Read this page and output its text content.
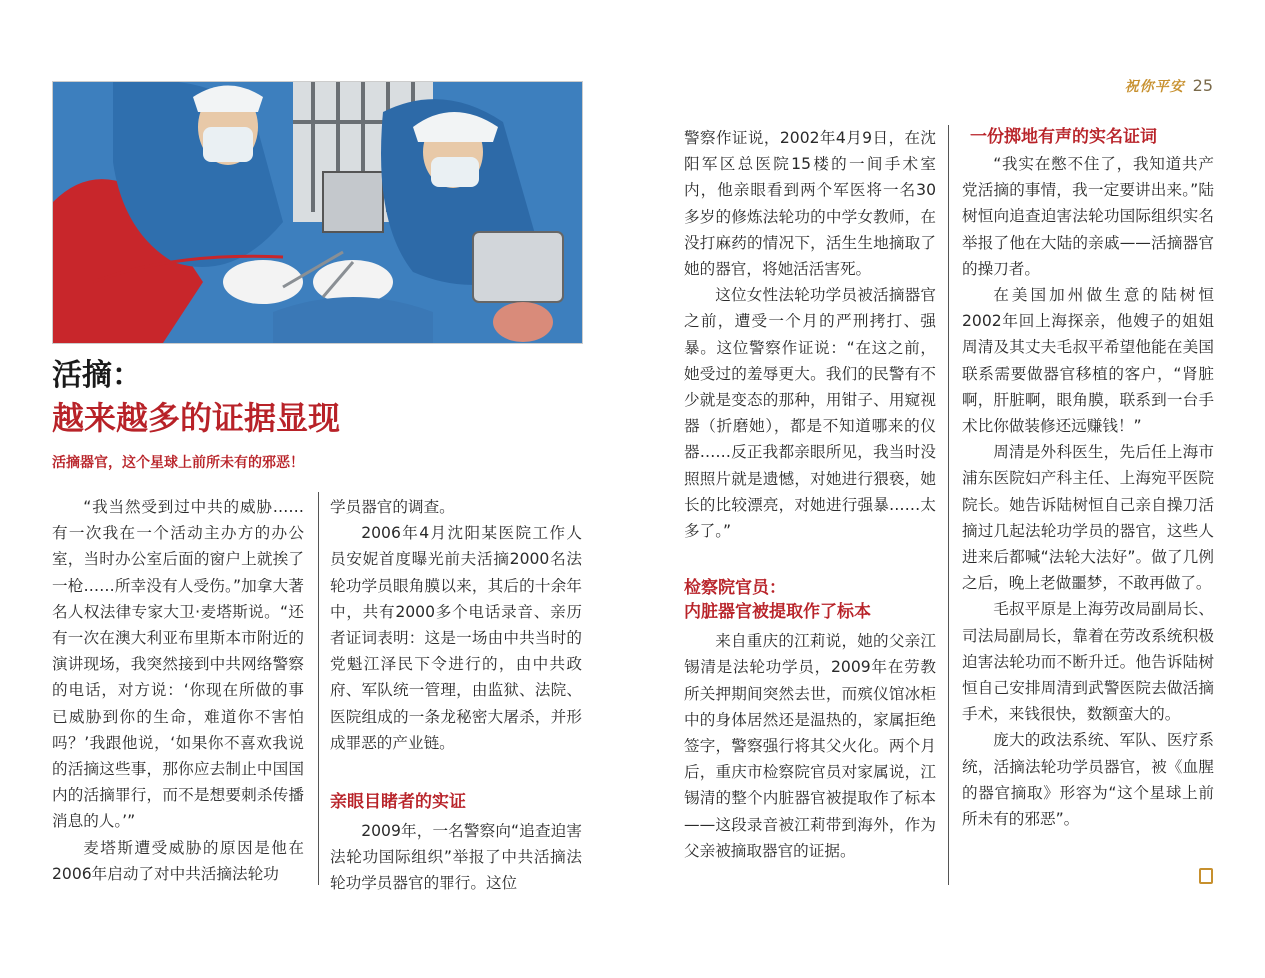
祝你平安 25
活摘：
越来越多的证据显现

活摘器官，这个星球上前所未有的邪恶！

“我当然受到过中共的威胁……有一次我在一个活动主办方的办公室，当时办公室后面的窗户上就挨了一枪……所幸没有人受伤。”加拿大著名人权法律专家大卫·麦塔斯说。“还有一次在澳大利亚布里斯本市附近的演讲现场，我突然接到中共网络警察的电话，对方说：‘你现在所做的事已威胁到你的生命，难道你不害怕吗？’我跟他说，‘如果你不喜欢我说的活摘这些事，那你应去制止中国国内的活摘罪行，而不是想要刺杀传播消息的人。’”

麦塔斯遭受威胁的原因是他在2006年启动了对中共活摘法轮功

学员器官的调查。

2006年4月沈阳某医院工作人员安妮首度曝光前夫活摘2000名法轮功学员眼角膜以来，其后的十余年中，共有2000多个电话录音、亲历者证词表明：这是一场由中共当时的党魁江泽民下令进行的，由中共政府、军队统一管理，由监狱、法院、医院组成的一条龙秘密大屠杀，并形成罪恶的产业链。

亲眼目睹者的实证

2009年，一名警察向“追查迫害法轮功国际组织”举报了中共活摘法轮功学员器官的罪行。这位

警察作证说，2002年4月9日，在沈阳军区总医院15楼的一间手术室内，他亲眼看到两个军医将一名30多岁的修炼法轮功的中学女教师，在没打麻药的情况下，活生生地摘取了她的器官，将她活活害死。

这位女性法轮功学员被活摘器官之前，遭受一个月的严刑拷打、强暴。这位警察作证说：“在这之前，她受过的羞辱更大。我们的民警有不少就是变态的那种，用钳子、用窥视器（折磨她），都是不知道哪来的仪器……反正我都亲眼所见，我当时没照照片就是遗憾，对她进行猥亵，她长的比较漂亮，对她进行强暴……太多了。”

检察院官员：
内脏器官被提取作了标本

来自重庆的江莉说，她的父亲江锡清是法轮功学员，2009年在劳教所关押期间突然去世，而殡仪馆冰柜中的身体居然还是温热的，家属拒绝签字，警察强行将其父火化。两个月后，重庆市检察院官员对家属说，江锡清的整个内脏器官被提取作了标本——这段录音被江莉带到海外，作为父亲被摘取器官的证据。

一份掷地有声的实名证词

“我实在憋不住了，我知道共产党活摘的事情，我一定要讲出来。”陆树恒向追查迫害法轮功国际组织实名举报了他在大陆的亲戚——活摘器官的操刀者。

在美国加州做生意的陆树恒2002年回上海探亲，他嫂子的姐姐周清及其丈夫毛叔平希望他能在美国联系需要做器官移植的客户，“肾脏啊，肝脏啊，眼角膜，联系到一台手术比你做装修还远赚钱！”

周清是外科医生，先后任上海市浦东医院妇产科主任、上海宛平医院院长。她告诉陆树恒自己亲自操刀活摘过几起法轮功学员的器官，这些人进来后都喊“法轮大法好”。做了几例之后，晚上老做噩梦，不敢再做了。

毛叔平原是上海劳改局副局长、司法局副局长，靠着在劳改系统积极迫害法轮功而不断升迁。他告诉陆树恒自己安排周清到武警医院去做活摘手术，来钱很快，数额蛮大的。

庞大的政法系统、军队、医疗系统，活摘法轮功学员器官，被《血腥的器官摘取》形容为“这个星球上前所未有的邪恶”。
